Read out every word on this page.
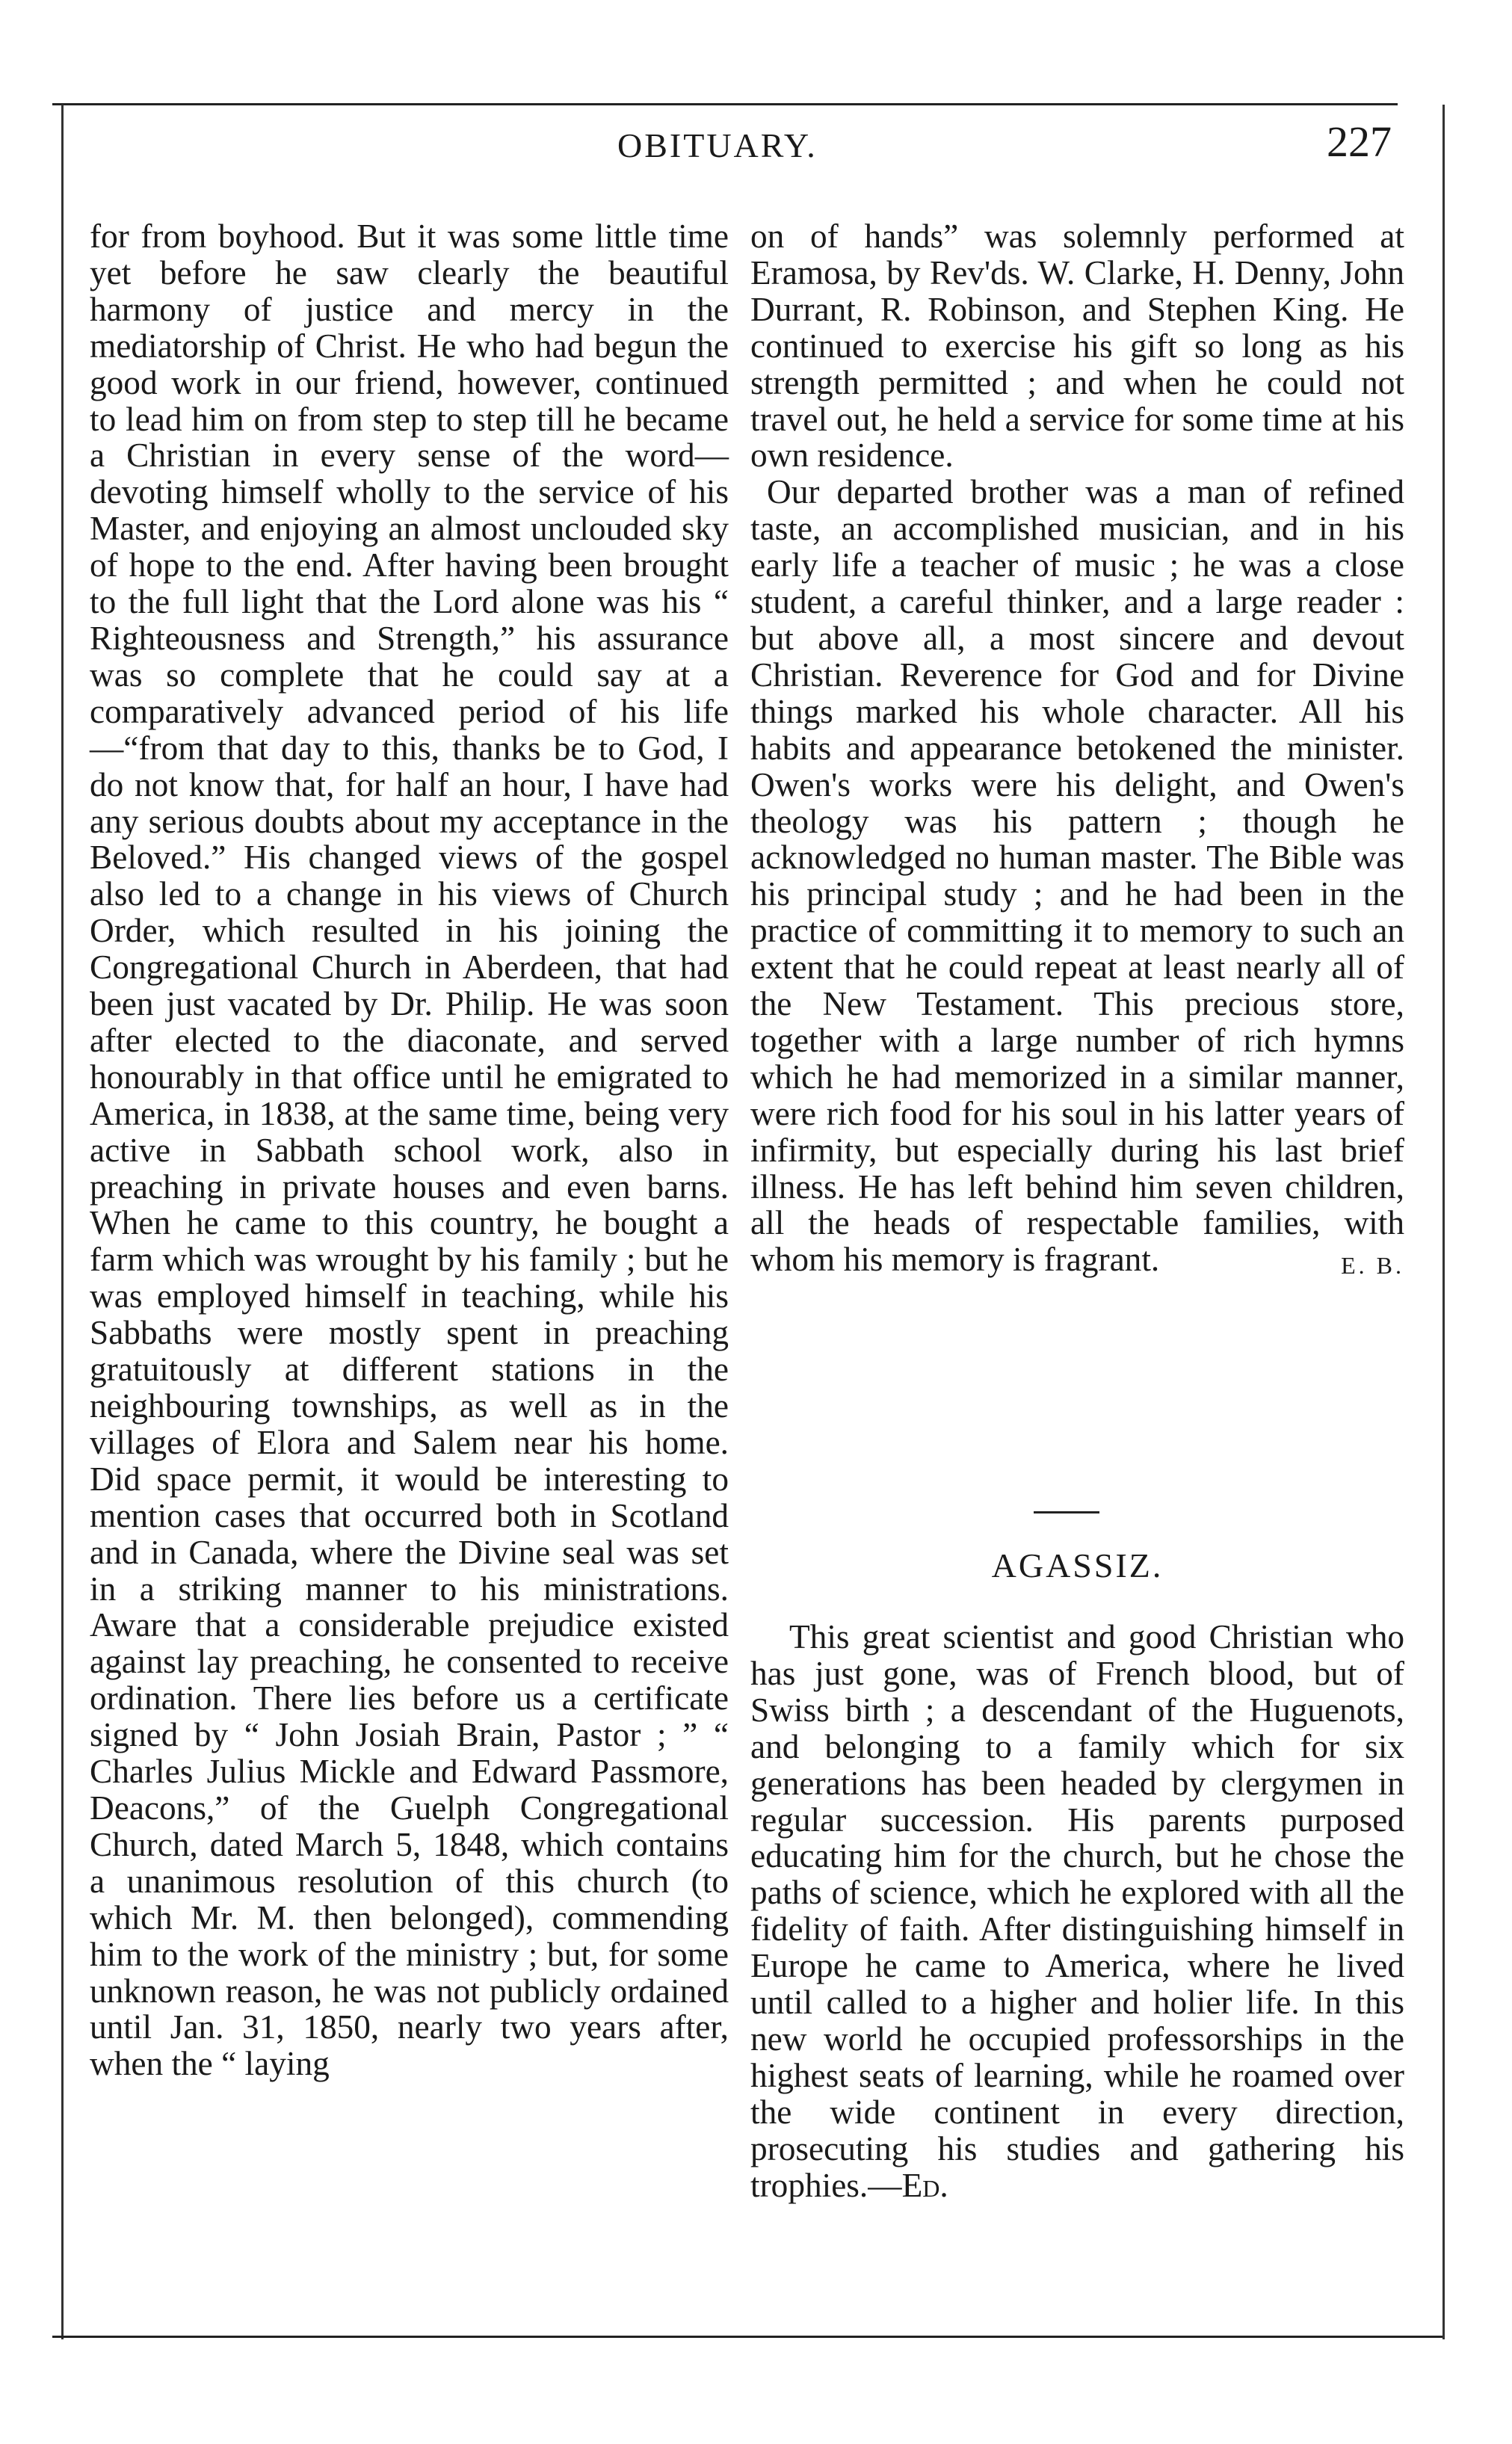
OBITUARY.	227

for from boyhood. But it was some little time yet before he saw clearly the beautiful harmony of justice and mercy in the mediatorship of Christ. He who had begun the good work in our friend, however, continued to lead him on from step to step till he became a Christian in every sense of the word—devoting himself wholly to the service of his Master, and enjoying an almost unclouded sky of hope to the end. After having been brought to the full light that the Lord alone was his “ Righteousness and Strength,” his assurance was so complete that he could say at a comparatively advanced period of his life—“from that day to this, thanks be to God, I do not know that, for half an hour, I have had any serious doubts about my acceptance in the Beloved.” His changed views of the gospel also led to a change in his views of Church Order, which resulted in his joining the Congregational Church in Aberdeen, that had been just vacated by Dr. Philip. He was soon after elected to the diaconate, and served honourably in that office until he emigrated to America, in 1838, at the same time, being very active in Sabbath school work, also in preaching in private houses and even barns. When he came to this country, he bought a farm which was wrought by his family ; but he was employed himself in teaching, while his Sabbaths were mostly spent in preaching gratuitously at different stations in the neighbouring townships, as well as in the villages of Elora and Salem near his home. Did space permit, it would be interesting to mention cases that occurred both in Scotland and in Canada, where the Divine seal was set in a striking manner to his ministrations. Aware that a considerable prejudice existed against lay preaching, he consented to receive ordination. There lies before us a certificate signed by “ John Josiah Brain, Pastor ; ” “ Charles Julius Mickle and Edward Passmore, Deacons,” of the Guelph Congregational Church, dated March 5, 1848, which contains a unanimous resolution of this church (to which Mr. M. then belonged), commending him to the work of the ministry ; but, for some unknown reason, he was not publicly ordained until Jan. 31, 1850, nearly two years after, when the “ laying

on of hands” was solemnly performed at Eramosa, by Rev'ds. W. Clarke, H. Denny, John Durrant, R. Robinson, and Stephen King. He continued to exercise his gift so long as his strength permitted ; and when he could not travel out, he held a service for some time at his own residence.

Our departed brother was a man of refined taste, an accomplished musician, and in his early life a teacher of music ; he was a close student, a careful thinker, and a large reader : but above all, a most sincere and devout Christian. Reverence for God and for Divine things marked his whole character. All his habits and appearance betokened the minister. Owen's works were his delight, and Owen's theology was his pattern ; though he acknowledged no human master. The Bible was his principal study ; and he had been in the practice of committing it to memory to such an extent that he could repeat at least nearly all of the New Testament. This precious store, together with a large number of rich hymns which he had memorized in a similar manner, were rich food for his soul in his latter years of infirmity, but especially during his last brief illness. He has left behind him seven children, all the heads of respectable families, with whom his memory is fragrant.	E. B.

AGASSIZ.

This great scientist and good Christian who has just gone, was of French blood, but of Swiss birth ; a descendant of the Huguenots, and belonging to a family which for six generations has been headed by clergymen in regular succession. His parents purposed educating him for the church, but he chose the paths of science, which he explored with all the fidelity of faith. After distinguishing himself in Europe he came to America, where he lived until called to a higher and holier life. In this new world he occupied professorships in the highest seats of learning, while he roamed over the wide continent in every direction, prosecuting his studies and gathering his trophies.—Ed.
